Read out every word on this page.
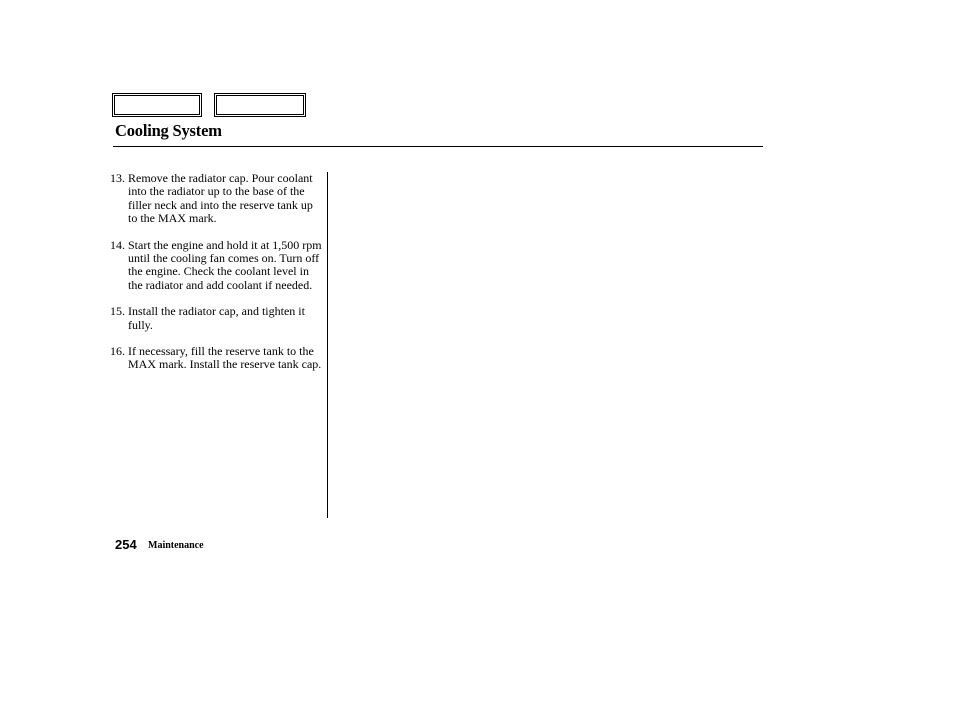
Cooling System
13. Remove the radiator cap. Pour coolant into the radiator up to the base of the filler neck and into the reserve tank up to the MAX mark.
14. Start the engine and hold it at 1,500 rpm until the cooling fan comes on. Turn off the engine. Check the coolant level in the radiator and add coolant if needed.
15. Install the radiator cap, and tighten it fully.
16. If necessary, fill the reserve tank to the MAX mark. Install the reserve tank cap.
254 Maintenance
